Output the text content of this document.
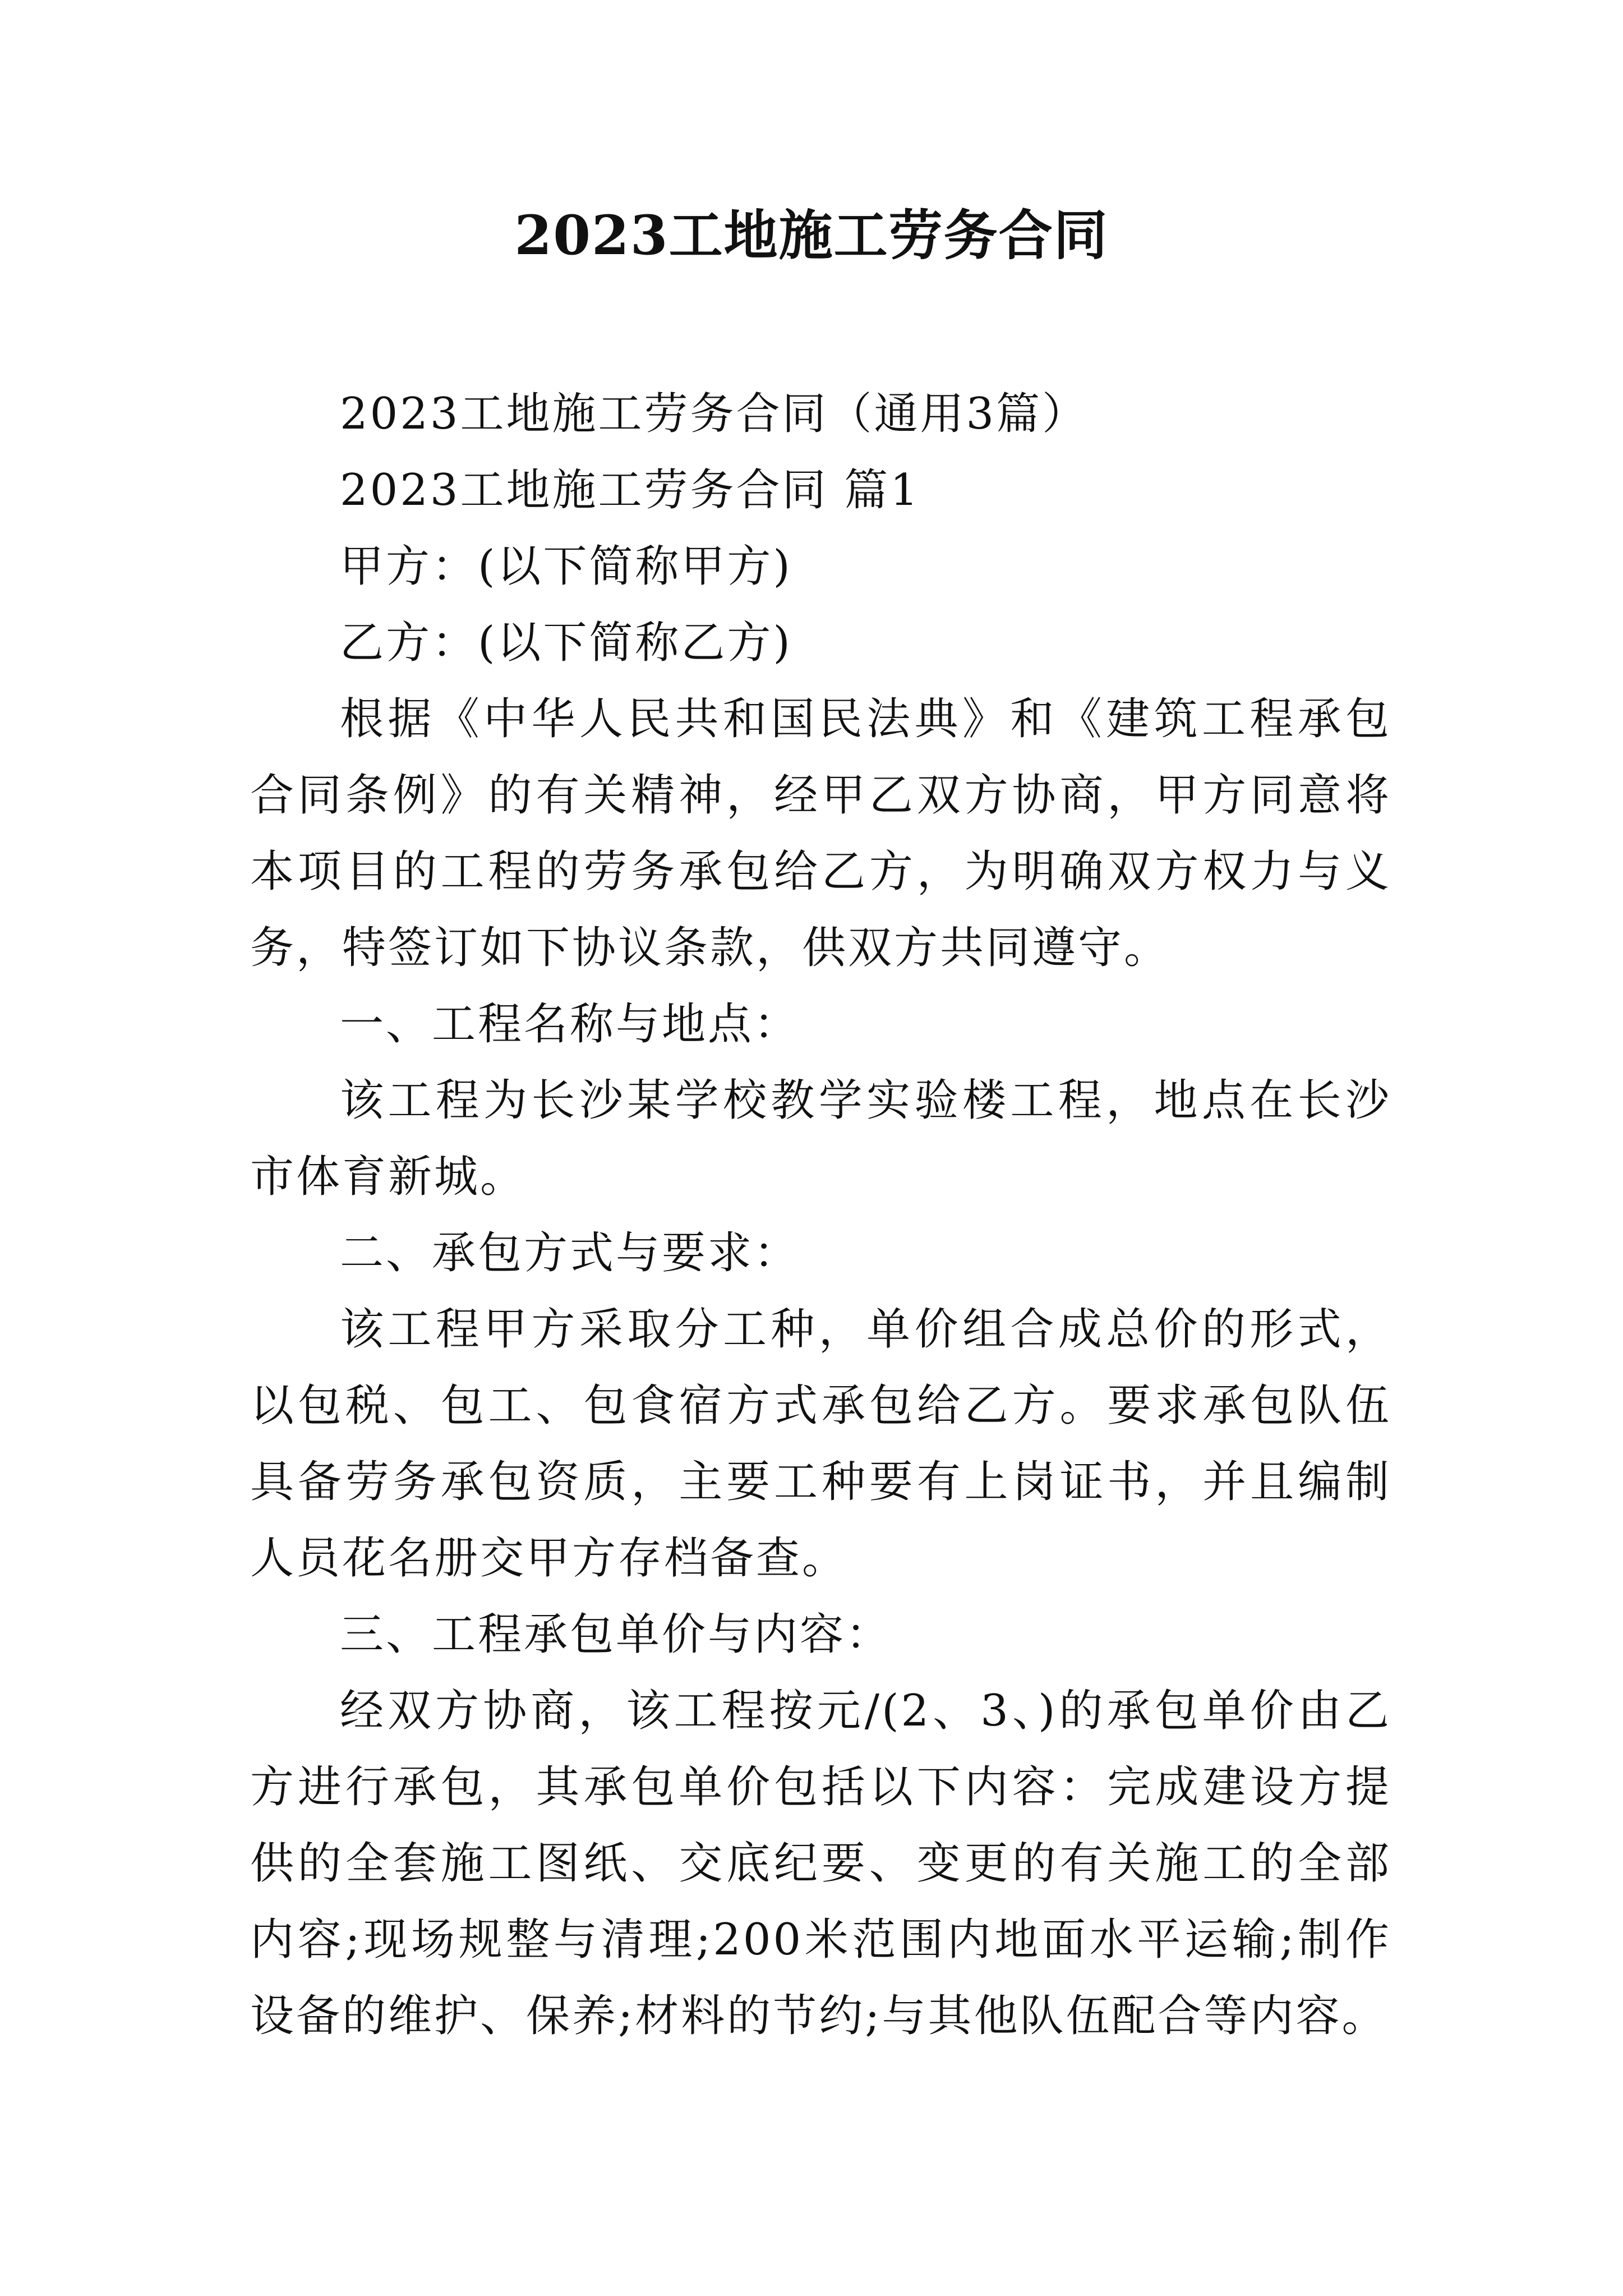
2023工地施工劳务合同

2023工地施工劳务合同（通用3篇）

2023工地施工劳务合同 篇1

甲方：(以下简称甲方)

乙方：(以下简称乙方)

根据《中华人民共和国民法典》和《建筑工程承包合同条例》的有关精神，经甲乙双方协商，甲方同意将本项目的工程的劳务承包给乙方，为明确双方权力与义务，特签订如下协议条款，供双方共同遵守。

一、工程名称与地点：

该工程为长沙某学校教学实验楼工程，地点在长沙市体育新城。

二、承包方式与要求：

该工程甲方采取分工种，单价组合成总价的形式，以包税、包工、包食宿方式承包给乙方。要求承包队伍具备劳务承包资质，主要工种要有上岗证书，并且编制人员花名册交甲方存档备查。

三、工程承包单价与内容：

经双方协商，该工程按元/(2、3、)的承包单价由乙方进行承包，其承包单价包括以下内容：完成建设方提供的全套施工图纸、交底纪要、变更的有关施工的全部内容;现场规整与清理;200米范围内地面水平运输;制作设备的维护、保养;材料的节约;与其他队伍配合等内容。
